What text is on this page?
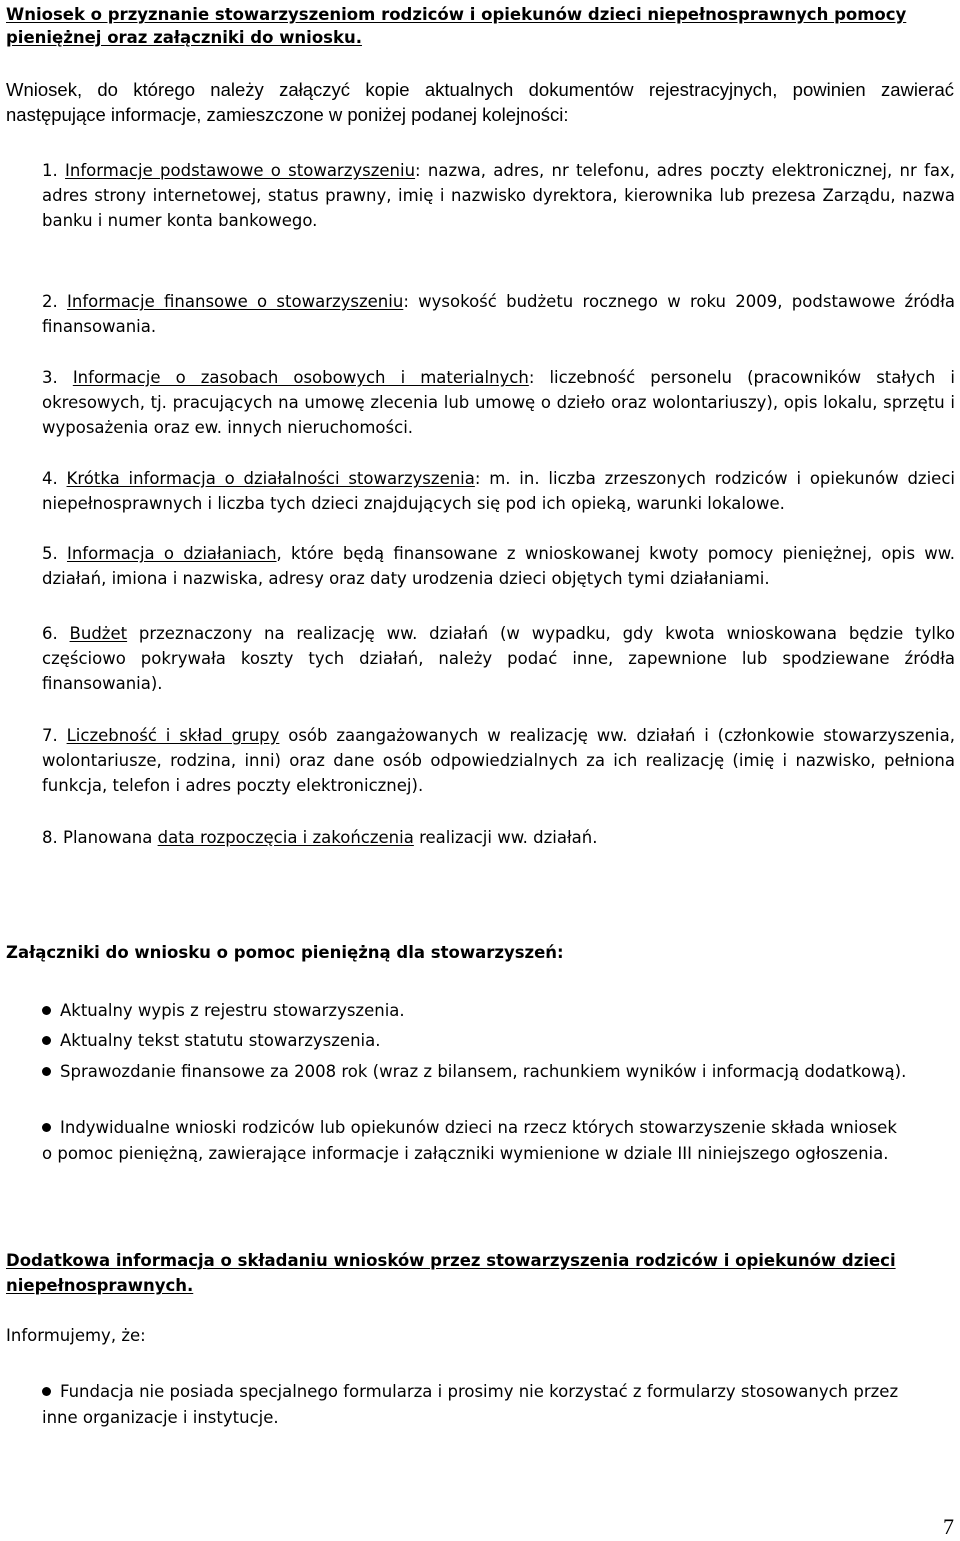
Wniosek o przyznanie stowarzyszeniom rodziców i opiekunów dzieci niepełnosprawnych pomocy pieniężnej oraz załączniki do wniosku.
Wniosek, do którego należy załączyć kopie aktualnych dokumentów rejestracyjnych, powinien zawierać następujące informacje, zamieszczone w poniżej podanej kolejności:
1. Informacje podstawowe o stowarzyszeniu: nazwa, adres, nr telefonu, adres poczty elektronicznej, nr fax, adres strony internetowej, status prawny, imię i nazwisko dyrektora, kierownika lub prezesa Zarządu, nazwa banku i numer konta bankowego.
2. Informacje finansowe o stowarzyszeniu: wysokość budżetu rocznego w roku 2009, podstawowe źródła finansowania.
3. Informacje o zasobach osobowych i materialnych: liczebność personelu (pracowników stałych i okresowych, tj. pracujących na umowę zlecenia lub umowę o dzieło oraz wolontariuszy), opis lokalu, sprzętu i wyposażenia oraz ew. innych nieruchomości.
4. Krótka informacja o działalności stowarzyszenia: m. in. liczba zrzeszonych rodziców i opiekunów dzieci niepełnosprawnych i liczba tych dzieci znajdujących się pod ich opieką, warunki lokalowe.
5. Informacja o działaniach, które będą finansowane z wnioskowanej kwoty pomocy pieniężnej, opis ww. działań, imiona i nazwiska, adresy oraz daty urodzenia dzieci objętych tymi działaniami.
6. Budżet przeznaczony na realizację ww. działań (w wypadku, gdy kwota wnioskowana będzie tylko częściowo pokrywała koszty tych działań, należy podać inne, zapewnione lub spodziewane źródła finansowania).
7. Liczebność i skład grupy osób zaangażowanych w realizację ww. działań i (członkowie stowarzyszenia, wolontariusze, rodzina, inni) oraz dane osób odpowiedzialnych za ich realizację (imię i nazwisko, pełniona funkcja, telefon i adres poczty elektronicznej).
8. Planowana data rozpoczęcia i zakończenia realizacji ww. działań.
Załączniki do wniosku o pomoc pieniężną dla stowarzyszeń:
Aktualny wypis z rejestru stowarzyszenia.
Aktualny tekst statutu stowarzyszenia.
Sprawozdanie finansowe za 2008 rok (wraz z bilansem, rachunkiem wyników i informacją dodatkową).
Indywidualne wnioski rodziców lub opiekunów dzieci na rzecz których stowarzyszenie składa wniosek o pomoc pieniężną, zawierające informacje i załączniki wymienione w dziale III niniejszego ogłoszenia.
Dodatkowa informacja o składaniu wniosków przez stowarzyszenia rodziców i opiekunów dzieci niepełnosprawnych.
Informujemy, że:
Fundacja nie posiada specjalnego formularza i prosimy nie korzystać z formularzy stosowanych przez inne organizacje i instytucje.
7
